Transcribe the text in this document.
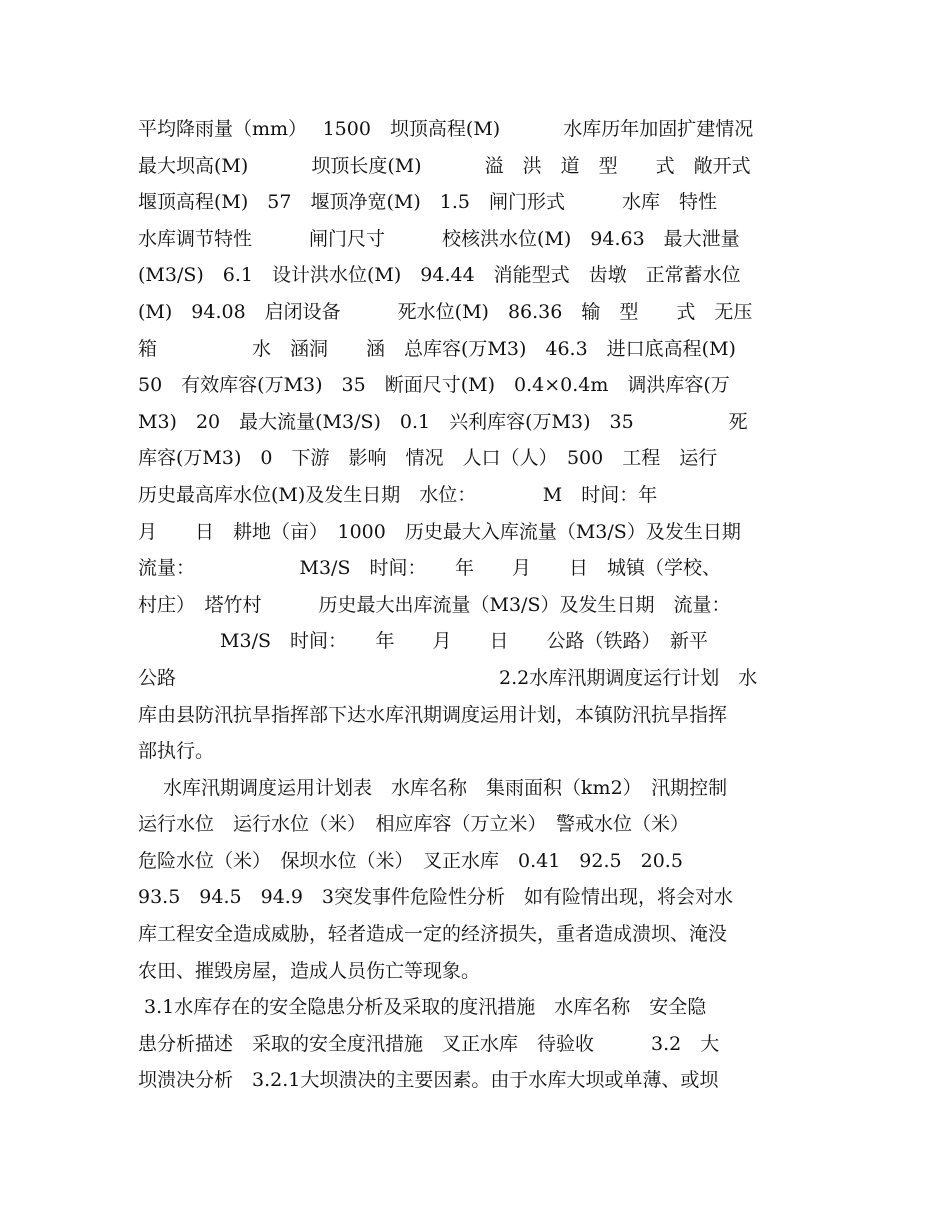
平均降雨量（mm）　 1500　坝顶高程(M)　　　 水库历年加固扩建情况
最大坝高(M)　　　 坝顶长度(M)　　　 溢　洪　道　型　　式　敞开式
堰顶高程(M)　57　堰顶净宽(M)　1.5　闸门形式　　　水库　特性
水库调节特性　　　闸门尺寸　　　校核洪水位(M)　94.63　最大泄量
(M3/S)　6.1　设计洪水位(M)　94.44　消能型式　齿墩　正常蓄水位
(M)　94.08　启闭设备　　　死水位(M)　86.36　输　型　　式　无压
箱　　　　　水　涵洞　　涵　总库容(万M3)　46.3　进口底高程(M)
50　有效库容(万M3)　35　断面尺寸(M)　0.4×0.4m　调洪库容(万
M3)　20　最大流量(M3/S)　0.1　兴利库容(万M3)　35　　　　　死
库容(万M3)　0　下游　影响　情况　人口（人）　500　工程　运行
历史最高库水位(M)及发生日期　水位：　　　　M　时间：年
月　　日　耕地（亩）　1000　历史最大入库流量（M3/S）及发生日期
流量：　　　　　　M3/S　时间：　　年　　月　　日　城镇（学校、
村庄）　塔竹村　　　历史最大出库流量（M3/S）及发生日期　流量：
　　　　 M3/S　时间：　　年　　月　　日　　公路（铁路）　新平
公路　　　　　　　　　　　　　　　　　2.2水库汛期调度运行计划　水
库由县防汛抗旱指挥部下达水库汛期调度运用计划，本镇防汛抗旱指挥
部执行。
　 水库汛期调度运用计划表　水库名称　集雨面积（km2）　汛期控制
运行水位　运行水位（米）　相应库容（万立米）　警戒水位（米）
危险水位（米）　保坝水位（米）　叉正水库　0.41　92.5　20.5
93.5　94.5　94.9　3突发事件危险性分析　如有险情出现，将会对水
库工程安全造成威胁，轻者造成一定的经济损失，重者造成溃坝、淹没
农田、摧毁房屋，造成人员伤亡等现象。
3.1水库存在的安全隐患分析及采取的度汛措施　水库名称　安全隐
患分析描述　采取的安全度汛措施　叉正水库　待验收　　　3.2　大
坝溃决分析　3.2.1大坝溃决的主要因素。由于水库大坝或单薄、或坝
